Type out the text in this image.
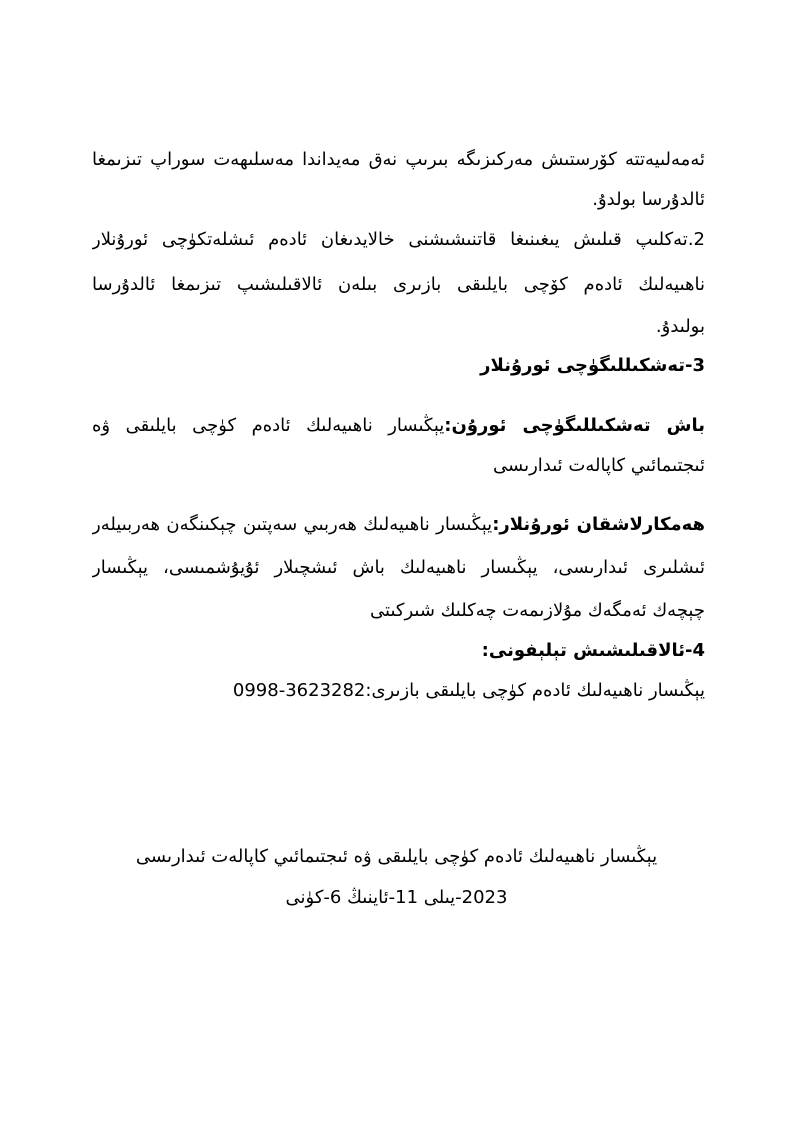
ئەمەلىيەتتە كۆرستىش مەركىزىگە بىرىپ نەق مەيداندا مەسلىھەت سوراپ تىزىمغا
ئالدۇرسا بولدۇ.
2.تەكلىپ قىلىش يىغىنىغا قاتنىشىشنى خالايدىغان ئادەم ئىشلەتكۈچى ئورۇنلار
ناھىيەلىك ئادەم كۆچى بايلىقى بازىرى بىلەن ئالاقىلىشىپ تىزىمغا ئالدۇرسا
بولىدۇ.
3-تەشكىللىگۈچى ئورۇنلار
باش تەشكىللىگۈچى ئورۇن:يېڭىسار ناھىيەلىك ئادەم كۈچى بايلىقى ۋە
ئىجتىمائىي كاپالەت ئىدارىسى
ھەمكارلاشقان ئورۇنلار:يېڭىسار ناھىيەلىك ھەربىي سەپتىن چېكىنگەن ھەربىيلەر
ئىشلىرى ئىدارىسى، يېڭىسار ناھىيەلىك باش ئىشچىلار ئۇيۇشمىسى، يېڭىسار
چېچەك ئەمگەك مۇلازىمەت چەكلىك شىركىتى
4-ئالاقىلىشىش تېلېفونى:
يېڭىسار ناھىيەلىك ئادەم كۈچى بايلىقى بازىرى:3623282-0998
يېڭىسار ناھىيەلىك ئادەم كۈچى بايلىقى ۋە ئىجتىمائىي كاپالەت ئىدارىسى
2023-يىلى 11-ئاينىڭ 6-كۈنى
